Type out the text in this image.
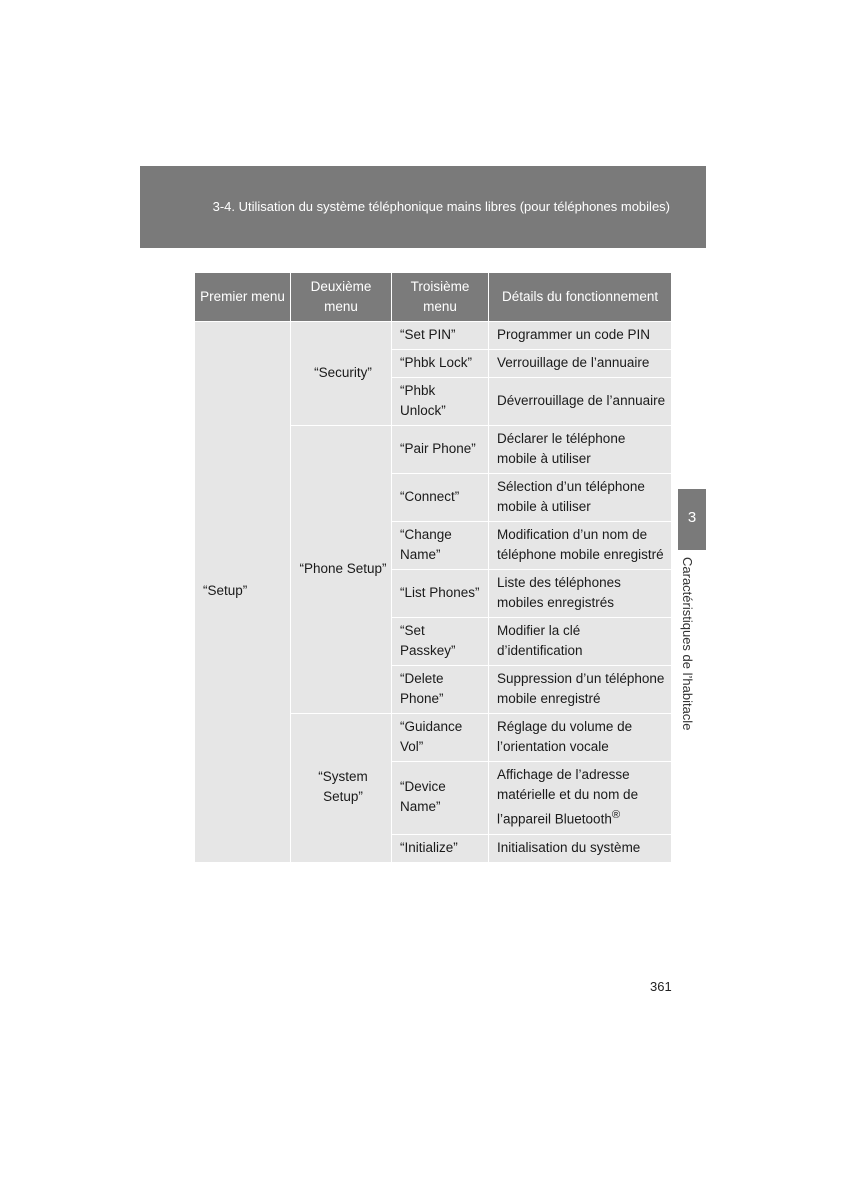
3-4. Utilisation du système téléphonique mains libres (pour téléphones mobiles)
Premier menu	Deuxième menu	Troisième menu	Détails du fonctionnement
“Setup”	“Security”	“Set PIN”	Programmer un code PIN
		“Phbk Lock”	Verrouillage de l’annuaire
		“Phbk Unlock”	Déverrouillage de l’annuaire
	“Phone Setup”	“Pair Phone”	Déclarer le téléphone mobile à utiliser
		“Connect”	Sélection d’un téléphone mobile à utiliser
		“Change Name”	Modification d’un nom de téléphone mobile enregistré
		“List Phones”	Liste des téléphones mobiles enregistrés
		“Set Passkey”	Modifier la clé d’identification
		“Delete Phone”	Suppression d’un téléphone mobile enregistré
	“System Setup”	“Guidance Vol”	Réglage du volume de l’orientation vocale
		“Device Name”	Affichage de l’adresse matérielle et du nom de l’appareil Bluetooth®
		“Initialize”	Initialisation du système
3
Caractéristiques de l’habitacle
361
